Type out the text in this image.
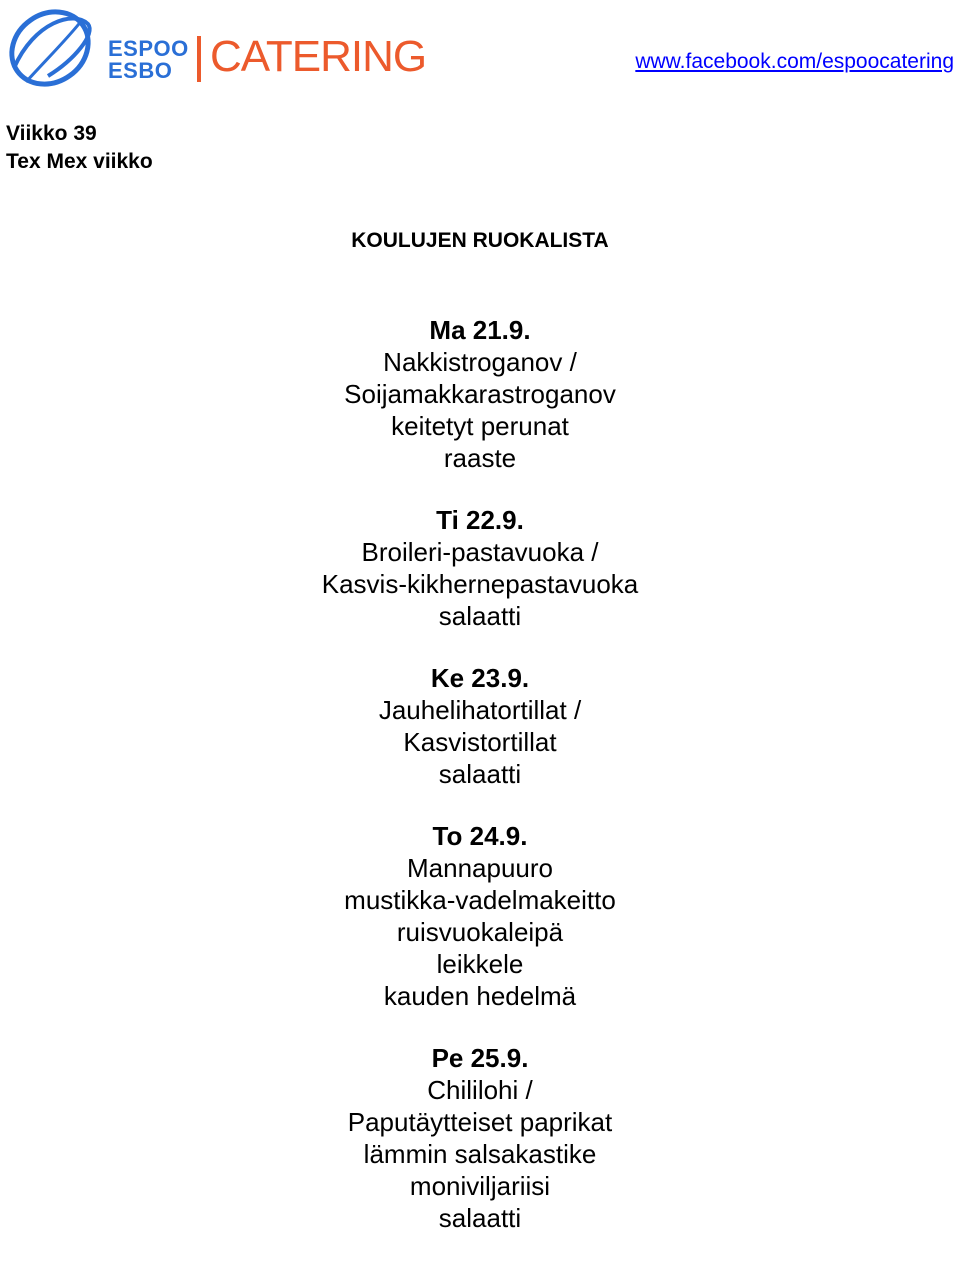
ESPOO
ESBO CATERING	www.facebook.com/espoocatering
Viikko 39
Tex Mex viikko
KOULUJEN RUOKALISTA
Ma 21.9.
Nakkistroganov /
Soijamakkarastroganov
keitetyt perunat
raaste
Ti 22.9.
Broileri-pastavuoka /
Kasvis-kikhernepastavuoka
salaatti
Ke 23.9.
Jauhelihatortillat /
Kasvistortillat
salaatti
To 24.9.
Mannapuuro
mustikka-vadelmakeitto
ruisvuokaleipä
leikkele
kauden hedelmä
Pe 25.9.
Chililohi /
Paputäytteiset paprikat
lämmin salsakastike
moniviljariisi
salaatti
